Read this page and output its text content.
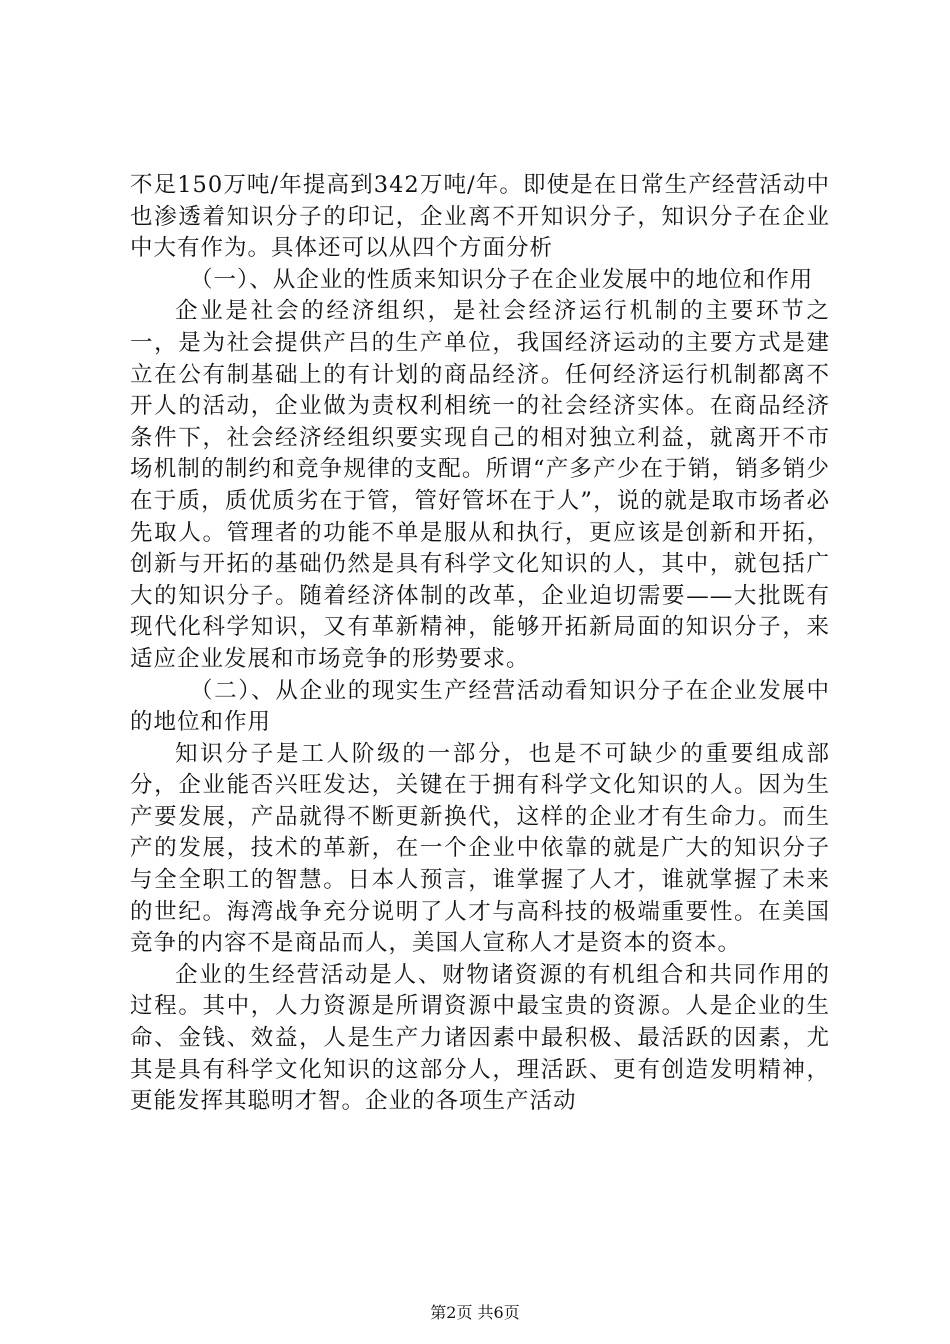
不足150万吨/年提高到342万吨/年。即使是在日常生产经营活动中也渗透着知识分子的印记，企业离不开知识分子，知识分子在企业中大有作为。具体还可以从四个方面分析

（一）、从企业的性质来知识分子在企业发展中的地位和作用

企业是社会的经济组织，是社会经济运行机制的主要环节之一，是为社会提供产吕的生产单位，我国经济运动的主要方式是建立在公有制基础上的有计划的商品经济。任何经济运行机制都离不开人的活动，企业做为责权利相统一的社会经济实体。在商品经济条件下，社会经济经组织要实现自己的相对独立利益，就离开不市场机制的制约和竞争规律的支配。所谓“产多产少在于销，销多销少在于质，质优质劣在于管，管好管坏在于人”，说的就是取市场者必先取人。管理者的功能不单是服从和执行，更应该是创新和开拓，创新与开拓的基础仍然是具有科学文化知识的人，其中，就包括广大的知识分子。随着经济体制的改革，企业迫切需要——大批既有现代化科学知识，又有革新精神，能够开拓新局面的知识分子，来适应企业发展和市场竞争的形势要求。

（二）、从企业的现实生产经营活动看知识分子在企业发展中的地位和作用

知识分子是工人阶级的一部分，也是不可缺少的重要组成部分，企业能否兴旺发达，关键在于拥有科学文化知识的人。因为生产要发展，产品就得不断更新换代，这样的企业才有生命力。而生产的发展，技术的革新，在一个企业中依靠的就是广大的知识分子与全全职工的智慧。日本人预言，谁掌握了人才，谁就掌握了未来的世纪。海湾战争充分说明了人才与高科技的极端重要性。在美国竞争的内容不是商品而人，美国人宣称人才是资本的资本。

企业的生经营活动是人、财物诸资源的有机组合和共同作用的过程。其中，人力资源是所谓资源中最宝贵的资源。人是企业的生命、金钱、效益，人是生产力诸因素中最积极、最活跃的因素，尤其是具有科学文化知识的这部分人，理活跃、更有创造发明精神，更能发挥其聪明才智。企业的各项生产活动

第2页 共6页
